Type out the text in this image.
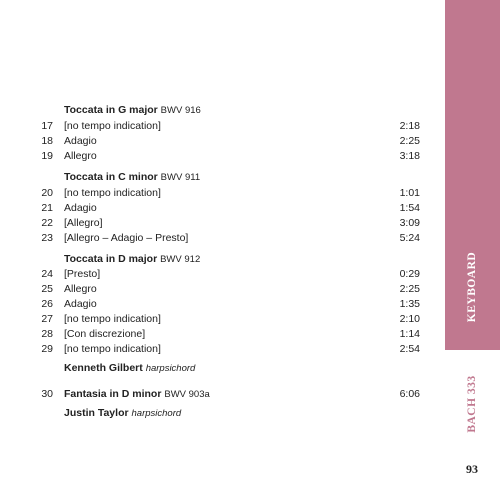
Toccata in G major BWV 916
17 [no tempo indication]	2:18
18 Adagio	2:25
19 Allegro	3:18
Toccata in C minor BWV 911
20 [no tempo indication]	1:01
21 Adagio	1:54
22 [Allegro]	3:09
23 [Allegro – Adagio – Presto]	5:24
Toccata in D major BWV 912
24 [Presto]	0:29
25 Allegro	2:25
26 Adagio	1:35
27 [no tempo indication]	2:10
28 [Con discrezione]	1:14
29 [no tempo indication]	2:54
Kenneth Gilbert harpsichord
30 Fantasia in D minor BWV 903a	6:06
Justin Taylor harpsichord
KEYBOARD
BACH 333
93
